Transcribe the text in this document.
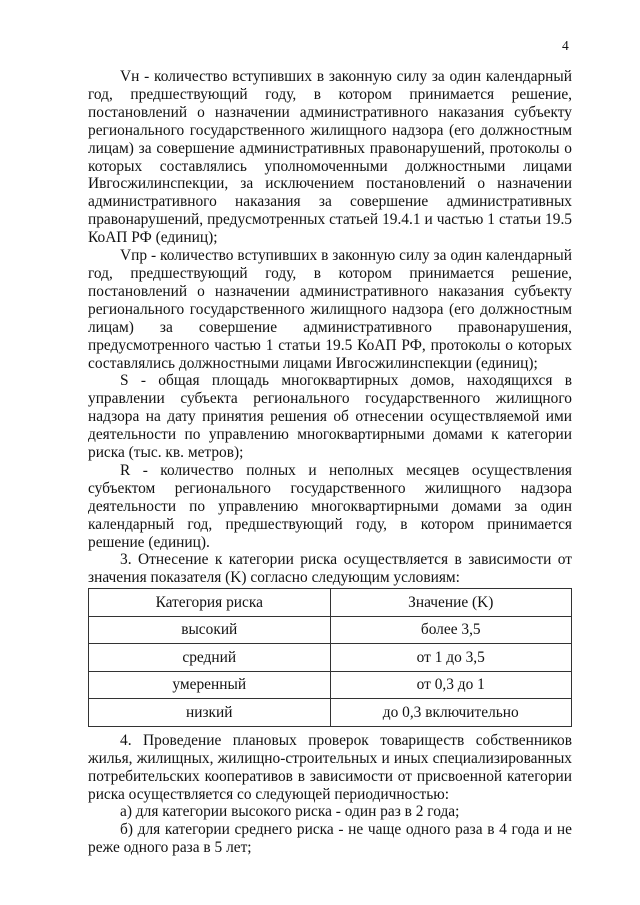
4

Vн - количество вступивших в законную силу за один календарный год, предшествующий году, в котором принимается решение, постановлений о назначении административного наказания субъекту регионального государственного жилищного надзора (его должностным лицам) за совершение административных правонарушений, протоколы о которых составлялись уполномоченными должностными лицами Ивгосжилинспекции, за исключением постановлений о назначении административного наказания за совершение административных правонарушений, предусмотренных статьей 19.4.1 и частью 1 статьи 19.5 КоАП РФ (единиц);

Vпр - количество вступивших в законную силу за один календарный год, предшествующий году, в котором принимается решение, постановлений о назначении административного наказания субъекту регионального государственного жилищного надзора (его должностным лицам) за совершение административного правонарушения, предусмотренного частью 1 статьи 19.5 КоАП РФ, протоколы о которых составлялись должностными лицами Ивгосжилинспекции (единиц);

S - общая площадь многоквартирных домов, находящихся в управлении субъекта регионального государственного жилищного надзора на дату принятия решения об отнесении осуществляемой ими деятельности по управлению многоквартирными домами к категории риска (тыс. кв. метров);

R - количество полных и неполных месяцев осуществления субъектом регионального государственного жилищного надзора деятельности по управлению многоквартирными домами за один календарный год, предшествующий году, в котором принимается решение (единиц).

3. Отнесение к категории риска осуществляется в зависимости от значения показателя (K) согласно следующим условиям:

Категория риска	Значение (K)
высокий	более 3,5
средний	от 1 до 3,5
умеренный	от 0,3 до 1
низкий	до 0,3 включительно

4. Проведение плановых проверок товариществ собственников жилья, жилищных, жилищно-строительных и иных специализированных потребительских кооперативов в зависимости от присвоенной категории риска осуществляется со следующей периодичностью:

а) для категории высокого риска - один раз в 2 года;

б) для категории среднего риска - не чаще одного раза в 4 года и не реже одного раза в 5 лет;
